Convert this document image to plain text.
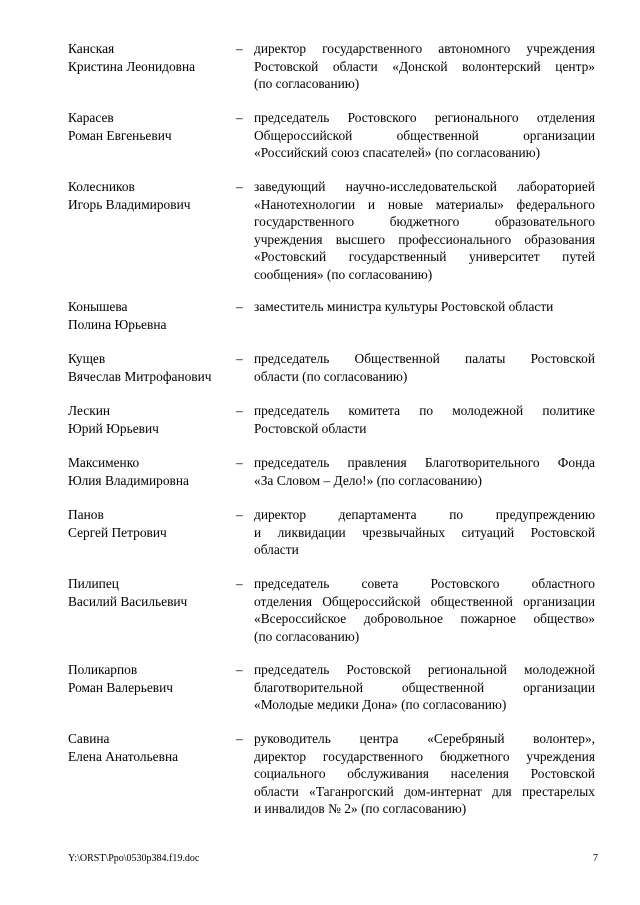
Канская
Кристина Леонидовна
– директор государственного автономного учреждения
Ростовской области «Донской волонтерский центр»
(по согласованию)
Карасев
Роман Евгеньевич
– председатель Ростовского регионального отделения
Общероссийской общественной организации
«Российский союз спасателей» (по согласованию)
Колесников
Игорь Владимирович
– заведующий научно-исследовательской лабораторией
«Нанотехнологии и новые материалы» федерального
государственного бюджетного образовательного
учреждения высшего профессионального образования
«Ростовский государственный университет путей
сообщения» (по согласованию)
Конышева
Полина Юрьевна
– заместитель министра культуры Ростовской области
Кущев
Вячеслав Митрофанович
– председатель Общественной палаты Ростовской
области (по согласованию)
Лескин
Юрий Юрьевич
– председатель комитета по молодежной политике
Ростовской области
Максименко
Юлия Владимировна
– председатель правления Благотворительного Фонда
«За Словом – Дело!» (по согласованию)
Панов
Сергей Петрович
– директор департамента по предупреждению
и ликвидации чрезвычайных ситуаций Ростовской
области
Пилипец
Василий Васильевич
– председатель совета Ростовского областного
отделения Общероссийской общественной организации
«Всероссийское добровольное пожарное общество»
(по согласованию)
Поликарпов
Роман Валерьевич
– председатель Ростовской региональной молодежной
благотворительной общественной организации
«Молодые медики Дона» (по согласованию)
Савина
Елена Анатольевна
– руководитель центра «Серебряный волонтер»,
директор государственного бюджетного учреждения
социального обслуживания населения Ростовской
области «Таганрогский дом-интернат для престарелых
и инвалидов № 2» (по согласованию)
Y:\ORST\Ppo\0530p384.f19.doc	7
